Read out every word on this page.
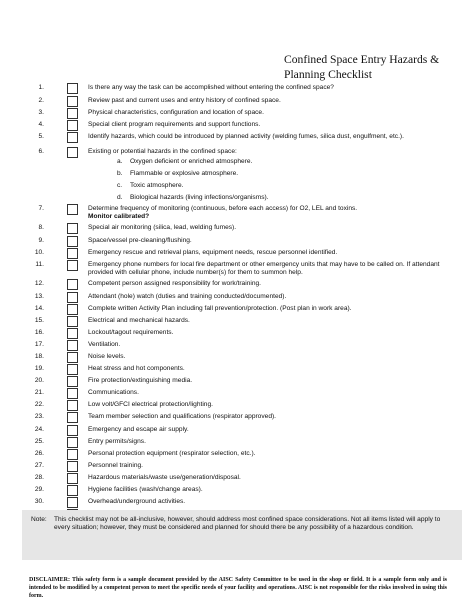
Confined Space Entry Hazards &
Planning Checklist
1.	Is there any way the task can be accomplished without entering the confined space?
2.	Review past and current uses and entry history of confined space.
3.	Physical characteristics, configuration and location of space.
4.	Special client program requirements and support functions.
5.	Identify hazards, which could be introduced by planned activity (welding fumes, silica dust, engulfment, etc.).
6.	Existing or potential hazards in the confined space:
a.	Oxygen deficient or enriched atmosphere.
b.	Flammable or explosive atmosphere.
c.	Toxic atmosphere.
d.	Biological hazards (living infections/organisms).
7.	Determine frequency of monitoring (continuous, before each access) for O2, LEL and toxins.
Monitor calibrated?
8.	Special air monitoring (silica, lead, welding fumes).
9.	Space/vessel pre-cleaning/flushing.
10.	Emergency rescue and retrieval plans, equipment needs, rescue personnel identified.
11.	Emergency phone numbers for local fire department or other emergency units that may have to be called on. If attendant provided with cellular phone, include number(s) for them to summon help.
12.	Competent person assigned responsibility for work/training.
13.	Attendant (hole) watch (duties and training conducted/documented).
14.	Complete written Activity Plan including fall prevention/protection. (Post plan in work area).
15.	Electrical and mechanical hazards.
16.	Lockout/tagout requirements.
17.	Ventilation.
18.	Noise levels.
19.	Heat stress and hot components.
20.	Fire protection/extinguishing media.
21.	Communications.
22.	Low volt/GFCI electrical protection/lighting.
23.	Team member selection and qualifications (respirator approved).
24.	Emergency and escape air supply.
25.	Entry permits/signs.
26.	Personal protection equipment (respirator selection, etc.).
27.	Personnel training.
28.	Hazardous materials/waste use/generation/disposal.
29.	Hygiene facilities (wash/change areas).
30.	Overhead/underground activities.
Note: This checklist may not be all-inclusive, however, should address most confined space considerations. Not all items listed will apply to every situation; however, they must be considered and planned for should there be any possibility of a hazardous condition.
DISCLAIMER: This safety form is a sample document provided by the AISC Safety Committee to be used in the shop or field. It is a sample form only and is intended to be modified by a competent person to meet the specific needs of your facility and operations. AISC is not responsible for the risks involved in using this form.
